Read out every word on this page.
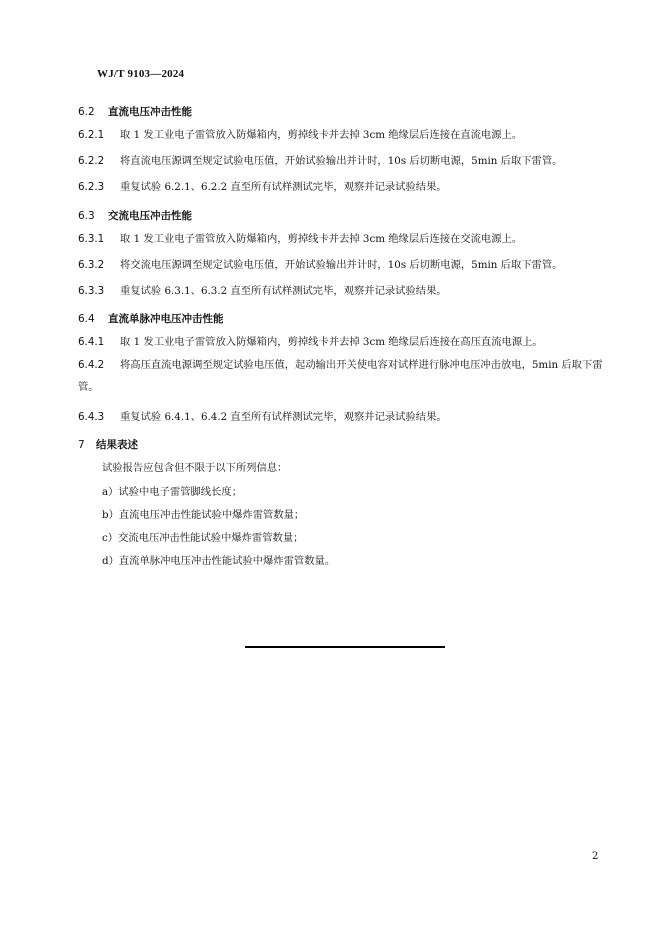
WJ/T 9103—2024
6.2 直流电压冲击性能
6.2.1 取 1 发工业电子雷管放入防爆箱内，剪掉线卡并去掉 3cm 绝缘层后连接在直流电源上。
6.2.2 将直流电压源调至规定试验电压值，开始试验输出并计时，10s 后切断电源，5min 后取下雷管。
6.2.3 重复试验 6.2.1、6.2.2 直至所有试样测试完毕，观察并记录试验结果。
6.3 交流电压冲击性能
6.3.1 取 1 发工业电子雷管放入防爆箱内，剪掉线卡并去掉 3cm 绝缘层后连接在交流电源上。
6.3.2 将交流电压源调至规定试验电压值，开始试验输出并计时，10s 后切断电源，5min 后取下雷管。
6.3.3 重复试验 6.3.1、6.3.2 直至所有试样测试完毕，观察并记录试验结果。
6.4 直流单脉冲电压冲击性能
6.4.1 取 1 发工业电子雷管放入防爆箱内，剪掉线卡并去掉 3cm 绝缘层后连接在高压直流电源上。
6.4.2 将高压直流电源调至规定试验电压值，起动输出开关使电容对试样进行脉冲电压冲击放电，5min 后取下雷管。
6.4.3 重复试验 6.4.1、6.4.2 直至所有试样测试完毕，观察并记录试验结果。
7 结果表述
试验报告应包含但不限于以下所列信息：
a）试验中电子雷管脚线长度；
b）直流电压冲击性能试验中爆炸雷管数量；
c）交流电压冲击性能试验中爆炸雷管数量；
d）直流单脉冲电压冲击性能试验中爆炸雷管数量。
2
